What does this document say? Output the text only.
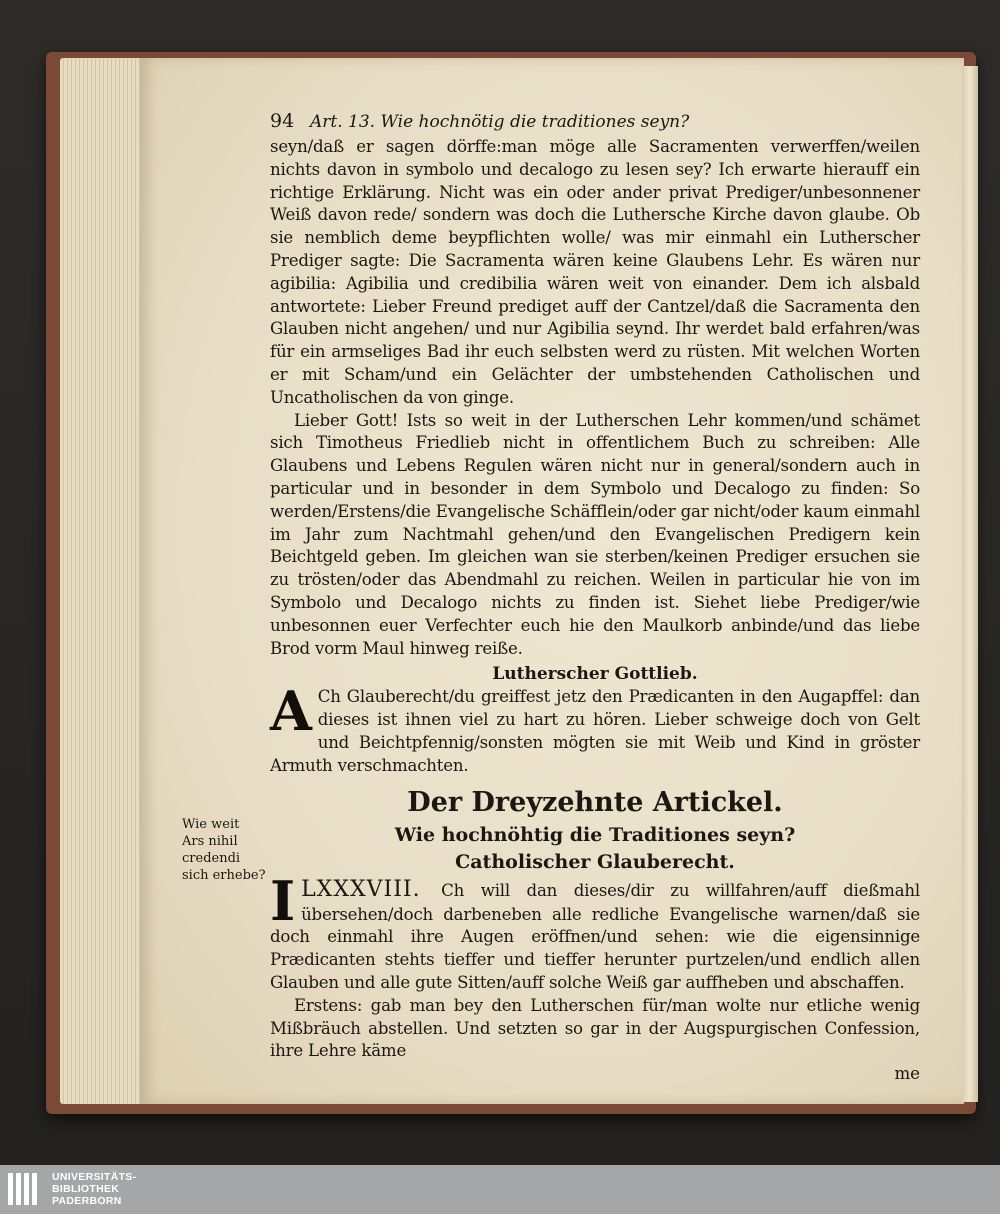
94 Art. 13. Wie hochnötig die traditiones seyn?

seyn/daß er sagen dörffe:man möge alle Sacramenten verwerffen/weilen nichts davon in symbolo und decalogo zu lesen sey? Ich erwarte hierauff ein richtige Erklärung. Nicht was ein oder ander privat Prediger/unbesonnener Weiß davon rede/ sondern was doch die Luthersche Kirche davon glaube. Ob sie nemblich deme beypflichten wolle/ was mir einmahl ein Lutherscher Prediger sagte: Die Sacramenta wären keine Glaubens Lehr. Es wären nur agibilia: Agibilia und credibilia wären weit von einander. Dem ich alsbald antwortete: Lieber Freund prediget auff der Cantzel/daß die Sacramenta den Glauben nicht angehen/ und nur Agibilia seynd. Ihr werdet bald erfahren/was für ein armseliges Bad ihr euch selbsten werd zu rüsten. Mit welchen Worten er mit Scham/und ein Gelächter der umbstehenden Catholischen und Uncatholischen da von ginge.

Lieber Gott! Ists so weit in der Lutherschen Lehr kommen/und schämet sich Timotheus Friedlieb nicht in offentlichem Buch zu schreiben: Alle Glaubens und Lebens Regulen wären nicht nur in general/sondern auch in particular und in besonder in dem Symbolo und Decalogo zu finden: So werden/Erstens/die Evangelische Schäfflein/oder gar nicht/oder kaum einmahl im Jahr zum Nachtmahl gehen/und den Evangelischen Predigern kein Beichtgeld geben. Im gleichen wan sie sterben/keinen Prediger ersuchen sie zu trösten/oder das Abendmahl zu reichen. Weilen in particular hie von im Symbolo und Decalogo nichts zu finden ist. Siehet liebe Prediger/wie unbesonnen euer Verfechter euch hie den Maulkorb anbinde/und das liebe Brod vorm Maul hinweg reiße.

Lutherscher Gottlieb.

A Ch Glauberecht/du greiffest jetz den Prædicanten in den Augapffel: dan dieses ist ihnen viel zu hart zu hören. Lieber schweige doch von Gelt und Beichtpfennig/sonsten mögten sie mit Weib und Kind in gröster Armuth verschmachten.

Der Dreyzehnte Artickel.

Wie hochnöhtig die Traditiones seyn?

Catholischer Glauberecht.

LXXXVIII.
I	Ch will dan dieses/dir zu willfahren/auff dießmahl übersehen/doch darbeneben alle redliche Evangelische warnen/daß sie doch einmahl ihre Augen eröffnen/und sehen: wie die eigensinnige Prædicanten stehts tieffer und tieffer herunter purtzelen/und endlich allen Glauben und alle gute Sitten/auff solche Weiß gar auffheben und abschaffen.

Erstens: gab man bey den Lutherschen für/man wolte nur etliche wenig Mißbräuch abstellen. Und setzten so gar in der Augspurgischen Confession, ihre Lehre käme

me

Wie weit
Ars nihil
credendi
sich erhebe?
UNIVERSITÄTS-
BIBLIOTHEK
PADERBORN
